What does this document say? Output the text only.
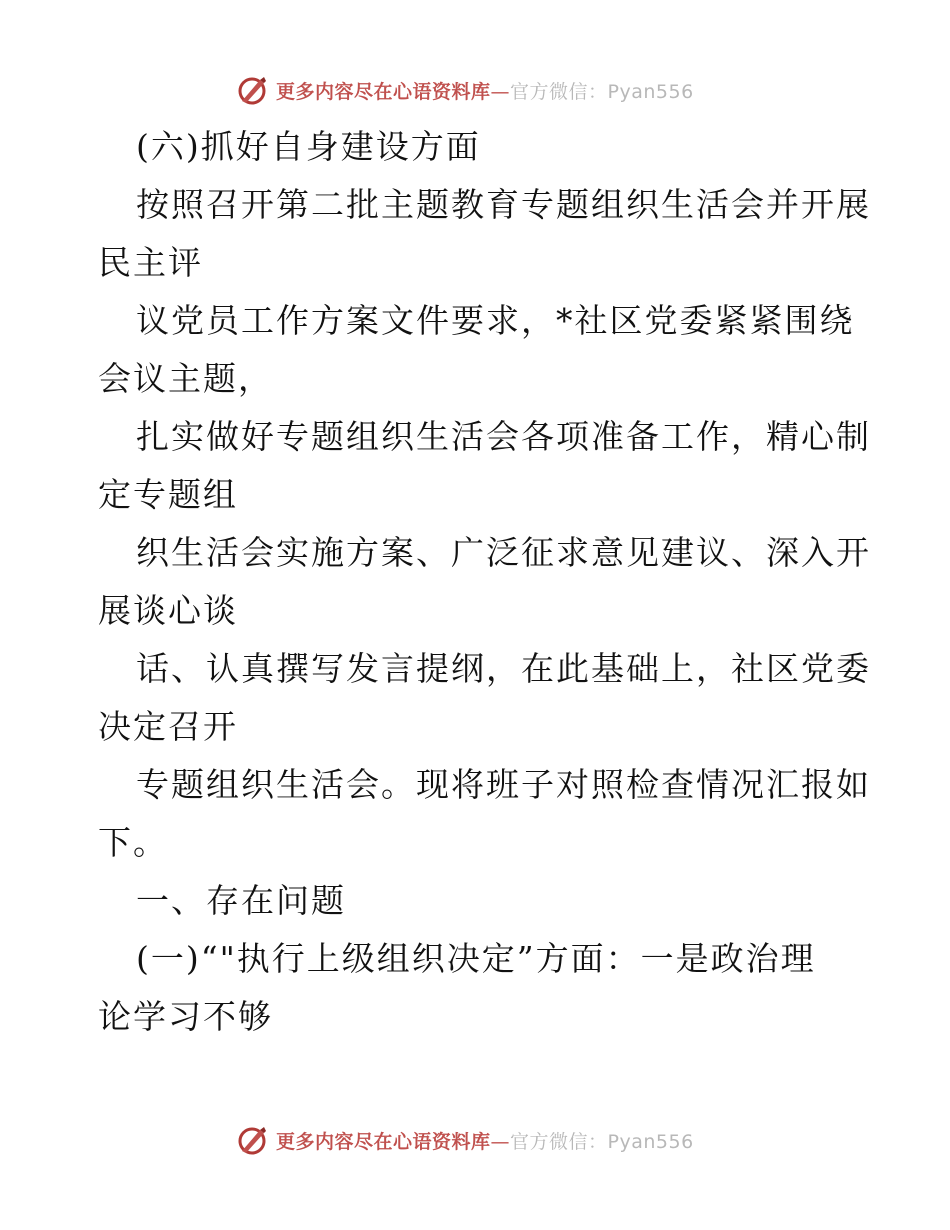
更多内容尽在心语资料库—官方微信：Pyan556
(六)抓好自身建设方面
按照召开第二批主题教育专题组织生活会并开展
民主评
议党员工作方案文件要求，*社区党委紧紧围绕
会议主题，
扎实做好专题组织生活会各项准备工作，精心制
定专题组
织生活会实施方案、广泛征求意见建议、深入开
展谈心谈
话、认真撰写发言提纲，在此基础上，社区党委
决定召开
专题组织生活会。现将班子对照检查情况汇报如
下。
一、存在问题
(一)“"执行上级组织决定”方面：一是政治理
论学习不够
更多内容尽在心语资料库—官方微信：Pyan556
